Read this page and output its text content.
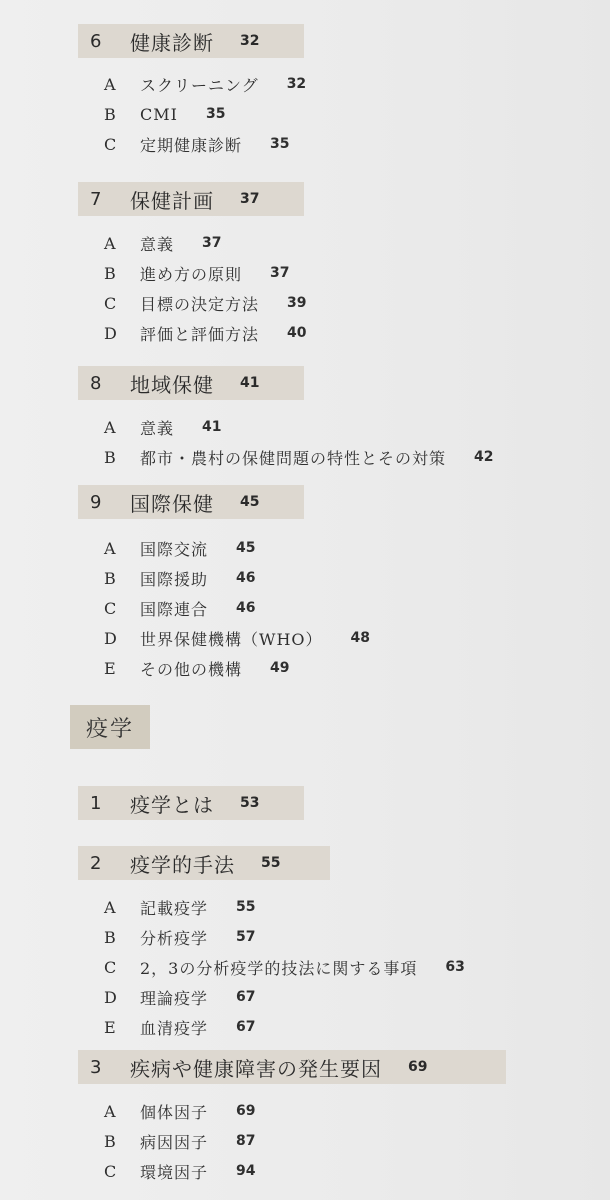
6	健康診断 32
A	スクリーニング 32
B	CMI 35
C	定期健康診断 35
7	保健計画 37
A	意義 37
B	進め方の原則 37
C	目標の決定方法 39
D	評価と評価方法 40
8	地域保健 41
A	意義 41
B	都市・農村の保健問題の特性とその対策 42
9	国際保健 45
A	国際交流 45
B	国際援助 46
C	国際連合 46
D	世界保健機構（WHO） 48
E	その他の機構 49
疫学
1	疫学とは 53
2	疫学的手法 55
A	記載疫学 55
B	分析疫学 57
C	2，3の分析疫学的技法に関する事項 63
D	理論疫学 67
E	血清疫学 67
3	疾病や健康障害の発生要因 69
A	個体因子 69
B	病因因子 87
C	環境因子 94
